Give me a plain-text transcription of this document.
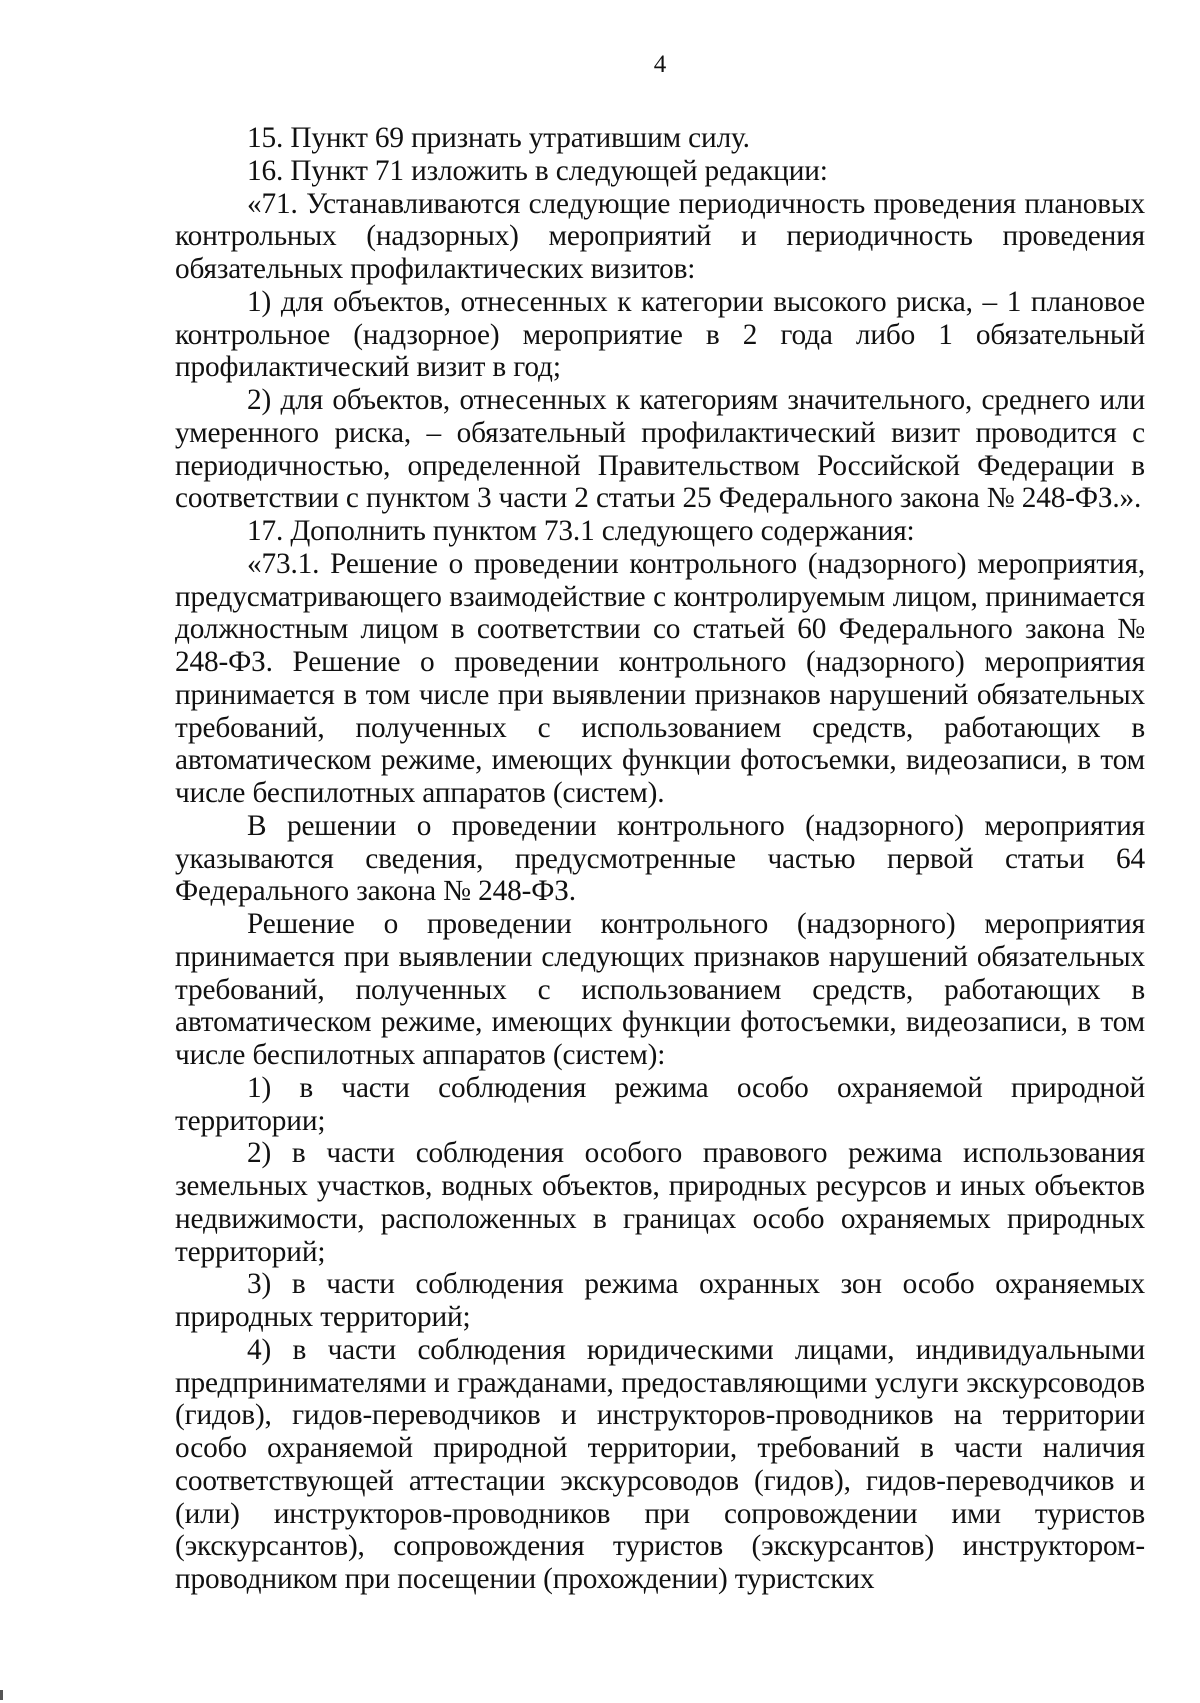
4

15. Пункт 69 признать утратившим силу.

16. Пункт 71 изложить в следующей редакции:

«71. Устанавливаются следующие периодичность проведения плановых контрольных (надзорных) мероприятий и периодичность проведения обязательных профилактических визитов:

1) для объектов, отнесенных к категории высокого риска, – 1 плановое контрольное (надзорное) мероприятие в 2 года либо 1 обязательный профилактический визит в год;

2) для объектов, отнесенных к категориям значительного, среднего или умеренного риска, – обязательный профилактический визит проводится с периодичностью, определенной Правительством Российской Федерации в соответствии с пунктом 3 части 2 статьи 25 Федерального закона № 248-ФЗ.».

17. Дополнить пунктом 73.1 следующего содержания:

«73.1. Решение о проведении контрольного (надзорного) мероприятия, предусматривающего взаимодействие с контролируемым лицом, принимается должностным лицом в соответствии со статьей 60 Федерального закона № 248-ФЗ. Решение о проведении контрольного (надзорного) мероприятия принимается в том числе при выявлении признаков нарушений обязательных требований, полученных с использованием средств, работающих в автоматическом режиме, имеющих функции фотосъемки, видеозаписи, в том числе беспилотных аппаратов (систем).

В решении о проведении контрольного (надзорного) мероприятия указываются сведения, предусмотренные частью первой статьи 64 Федерального закона № 248-ФЗ.

Решение о проведении контрольного (надзорного) мероприятия принимается при выявлении следующих признаков нарушений обязательных требований, полученных с использованием средств, работающих в автоматическом режиме, имеющих функции фотосъемки, видеозаписи, в том числе беспилотных аппаратов (систем):

1) в части соблюдения режима особо охраняемой природной территории;

2) в части соблюдения особого правового режима использования земельных участков, водных объектов, природных ресурсов и иных объектов недвижимости, расположенных в границах особо охраняемых природных территорий;

3) в части соблюдения режима охранных зон особо охраняемых природных территорий;

4) в части соблюдения юридическими лицами, индивидуальными предпринимателями и гражданами, предоставляющими услуги экскурсоводов (гидов), гидов-переводчиков и инструкторов-проводников на территории особо охраняемой природной территории, требований в части наличия соответствующей аттестации экскурсоводов (гидов), гидов-переводчиков и (или) инструкторов-проводников при сопровождении ими туристов (экскурсантов), сопровождения туристов (экскурсантов) инструктором-проводником при посещении (прохождении) туристских
